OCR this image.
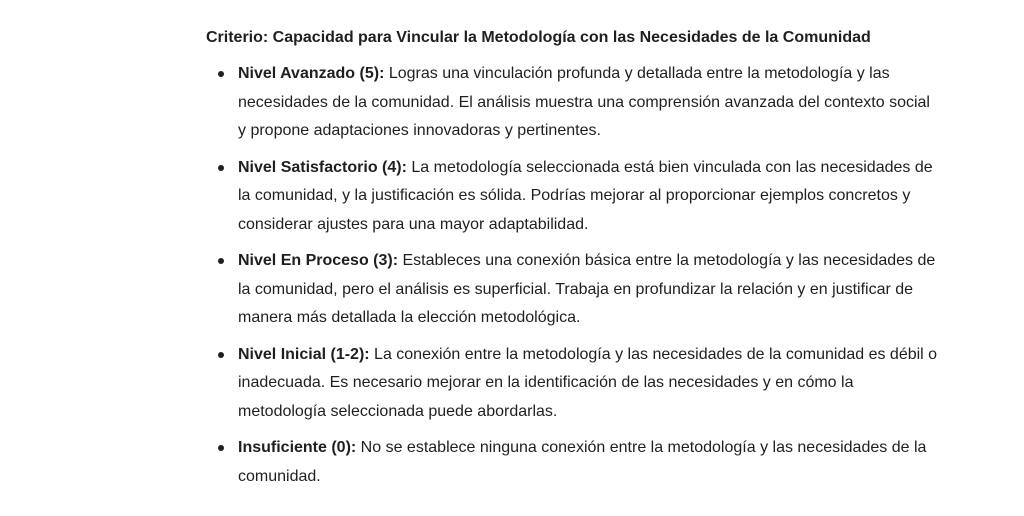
Criterio: Capacidad para Vincular la Metodología con las Necesidades de la Comunidad
Nivel Avanzado (5): Logras una vinculación profunda y detallada entre la metodología y las necesidades de la comunidad. El análisis muestra una comprensión avanzada del contexto social y propone adaptaciones innovadoras y pertinentes.
Nivel Satisfactorio (4): La metodología seleccionada está bien vinculada con las necesidades de la comunidad, y la justificación es sólida. Podrías mejorar al proporcionar ejemplos concretos y considerar ajustes para una mayor adaptabilidad.
Nivel En Proceso (3): Estableces una conexión básica entre la metodología y las necesidades de la comunidad, pero el análisis es superficial. Trabaja en profundizar la relación y en justificar de manera más detallada la elección metodológica.
Nivel Inicial (1-2): La conexión entre la metodología y las necesidades de la comunidad es débil o inadecuada. Es necesario mejorar en la identificación de las necesidades y en cómo la metodología seleccionada puede abordarlas.
Insuficiente (0): No se establece ninguna conexión entre la metodología y las necesidades de la comunidad.
